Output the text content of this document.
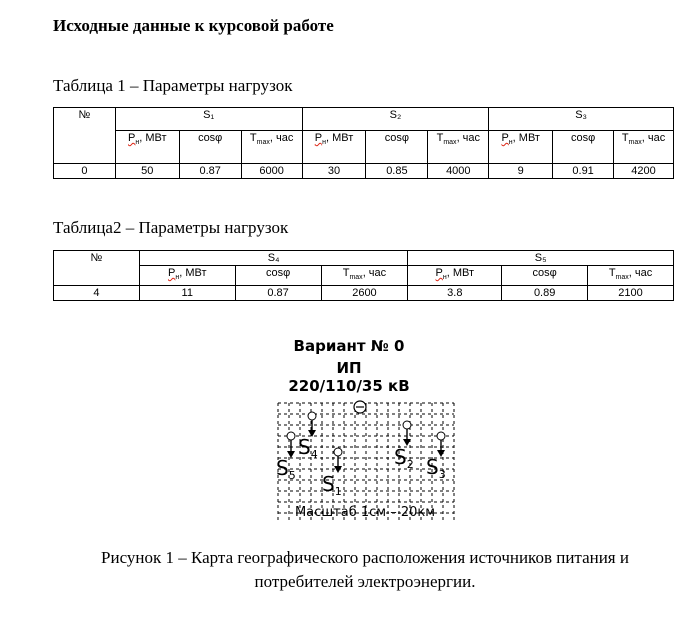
Исходные данные к курсовой работе
Таблица 1 – Параметры нагрузок
№	S₁			S₂			S₃		
	$Р_н$, МВт	cosφ	$T_{max}$, час	$Р_н$, МВт	cosφ	$T_{max}$, час	$Р_н$, МВт	cosφ	$T_{max}$, час
0	50	0.87	6000	30	0.85	4000	9	0.91	4200
Таблица2 – Параметры нагрузок
№	S₄			S₅		
	$Р_н$, МВт	cosφ	$T_{max}$, час	$Р_н$, МВт	cosφ	$T_{max}$, час
4	11	0.87	2600	3.8	0.89	2100
Вариант № 0
ИП
220/110/35 кВ
$S_4$
$S_5$ $S_1$
$S_2$ $S_3$
Масштаб 1см – 20км
Рисунок 1 – Карта географического расположения источников питания и
потребителей электроэнергии.
